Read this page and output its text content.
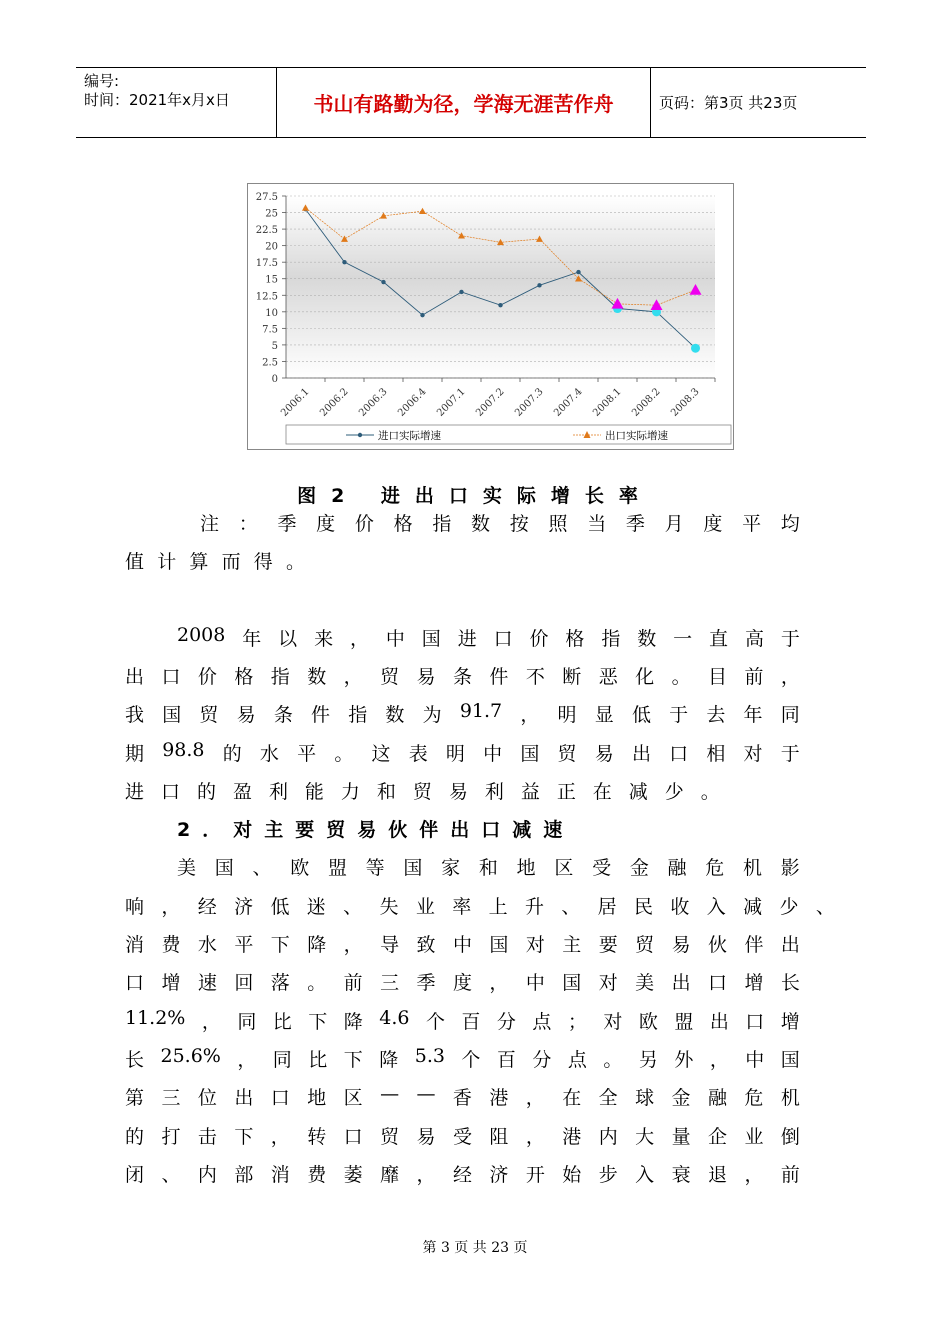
编号:
时间：2021年x月x日	书山有路勤为径，学海无涯苦作舟	页码：第3页 共23页
0
2.5
5
7.5
10
12.5
15
17.5
20
22.5
25
27.5
2006.1 2006.2 2006.3 2006.4 2007.1 2007.2 2007.3 2007.4 2008.1 2008.2 2008.3
进口实际增速	出口实际增速
图2 进出口实际增长率
注 ： 季 度 价 格 指 数 按 照 当 季 月 度 平 均
值 计 算 而 得 。
2008 年 以 来 ， 中 国 进 口 价 格 指 数 一 直 高 于
出 口 价 格 指 数 ， 贸 易 条 件 不 断 恶 化 。 目 前 ，
我 国 贸 易 条 件 指 数 为 91.7 ， 明 显 低 于 去 年 同
期 98.8 的 水 平 。 这 表 明 中 国 贸 易 出 口 相 对 于
进 口 的 盈 利 能 力 和 贸 易 利 益 正 在 减 少 。
2．对主要贸易伙伴出口减速
美 国 、 欧 盟 等 国 家 和 地 区 受 金 融 危 机 影
响 ， 经 济 低 迷 、 失 业 率 上 升 、 居 民 收 入 减 少 、
消 费 水 平 下 降 ， 导 致 中 国 对 主 要 贸 易 伙 伴 出
口 增 速 回 落 。 前 三 季 度 ， 中 国 对 美 出 口 增 长
11.2% ， 同 比 下 降 4.6 个 百 分 点 ； 对 欧 盟 出 口 增
长 25.6% ， 同 比 下 降 5.3 个 百 分 点 。 另 外 ， 中 国
第 三 位 出 口 地 区 — — 香 港 ， 在 全 球 金 融 危 机
的 打 击 下 ， 转 口 贸 易 受 阻 ， 港 内 大 量 企 业 倒
闭 、 内 部 消 费 萎 靡 ， 经 济 开 始 步 入 衰 退 ， 前
第 3 页 共 23 页
